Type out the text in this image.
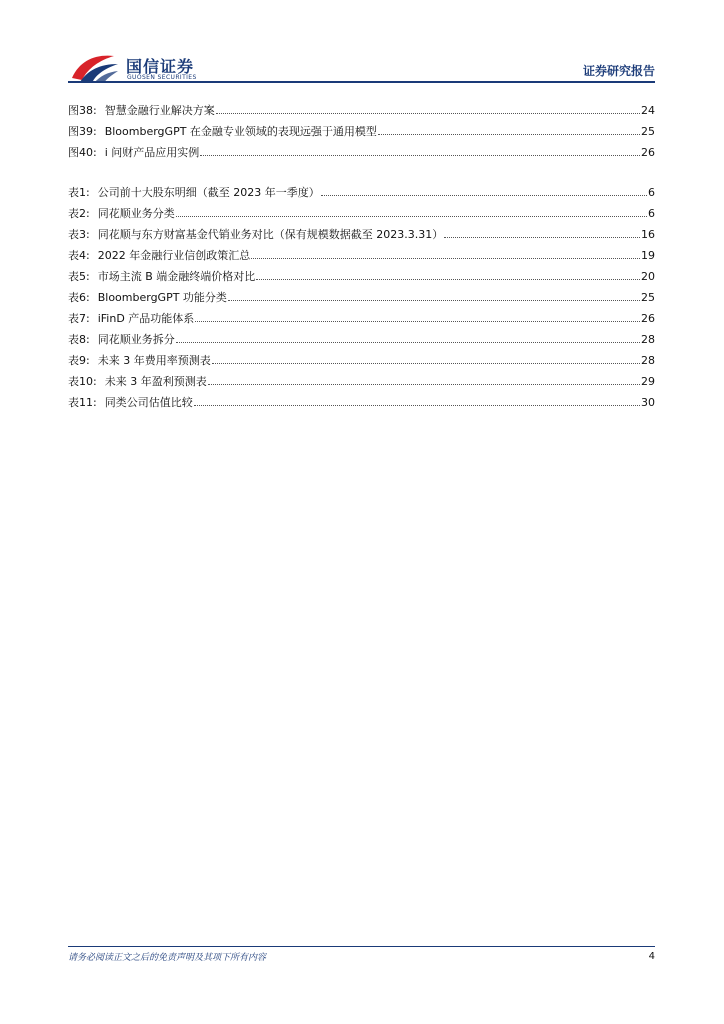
国信证券
GUOSEN SECURITIES	证券研究报告
图38: 智慧金融行业解决方案	24
图39: BloombergGPT 在金融专业领域的表现远强于通用模型	25
图40: i 问财产品应用实例	26
表1: 公司前十大股东明细（截至 2023 年一季度）	6
表2: 同花顺业务分类	6
表3: 同花顺与东方财富基金代销业务对比（保有规模数据截至 2023.3.31）	16
表4: 2022 年金融行业信创政策汇总	19
表5: 市场主流 B 端金融终端价格对比	20
表6: BloombergGPT 功能分类	25
表7: iFinD 产品功能体系	26
表8: 同花顺业务拆分	28
表9: 未来 3 年费用率预测表	28
表10: 未来 3 年盈利预测表	29
表11: 同类公司估值比较	30
请务必阅读正文之后的免责声明及其项下所有内容	4
